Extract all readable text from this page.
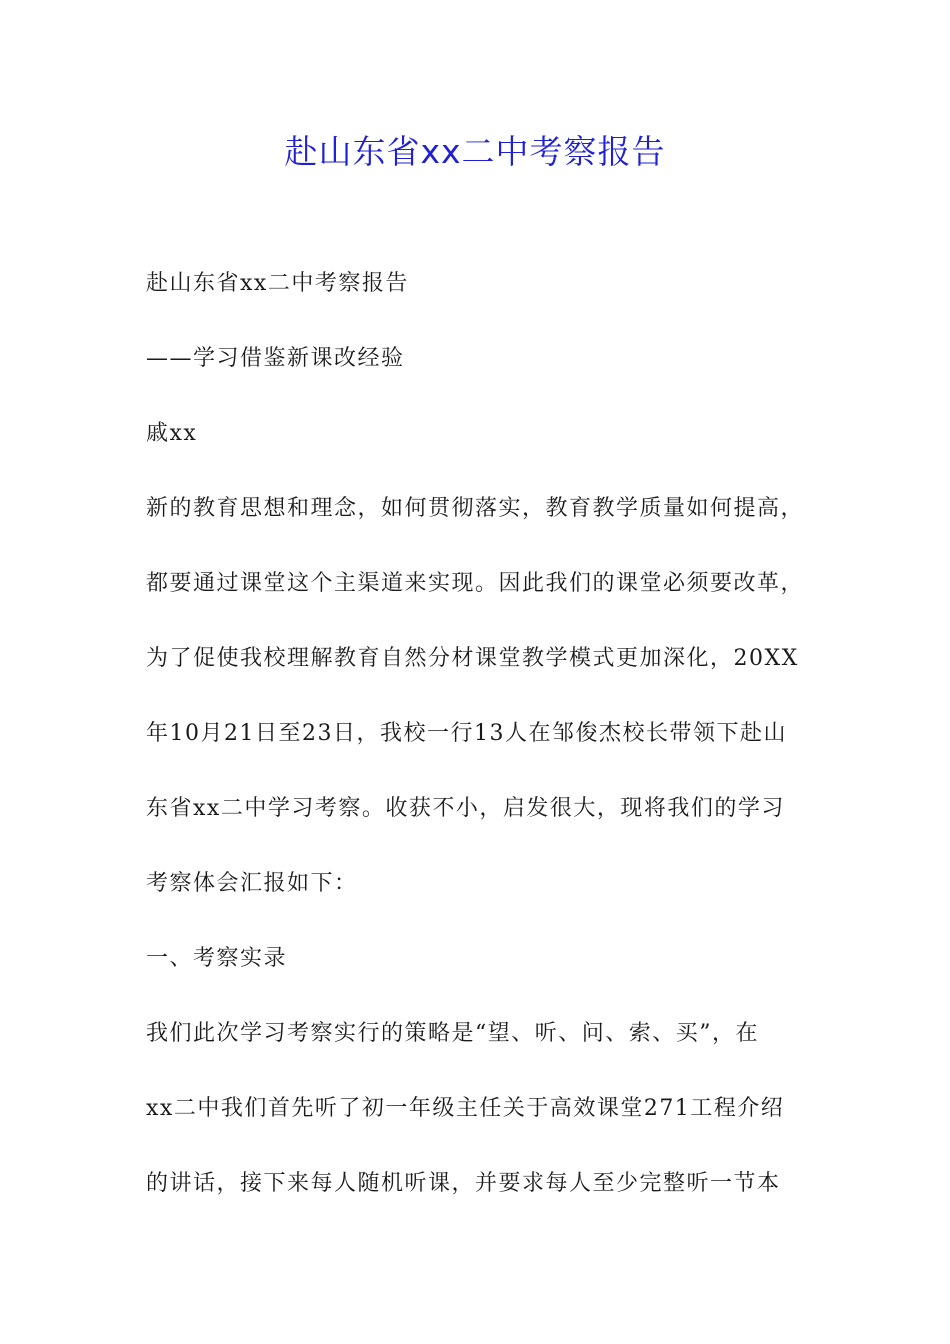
赴山东省xx二中考察报告
赴山东省xx二中考察报告
——学习借鉴新课改经验
戚xx
新的教育思想和理念，如何贯彻落实，教育教学质量如何提高，
都要通过课堂这个主渠道来实现。因此我们的课堂必须要改革，
为了促使我校理解教育自然分材课堂教学模式更加深化，20XX
年10月21日至23日，我校一行13人在邹俊杰校长带领下赴山
东省xx二中学习考察。收获不小，启发很大，现将我们的学习
考察体会汇报如下：
一、考察实录
我们此次学习考察实行的策略是“望、听、问、索、买”，在
xx二中我们首先听了初一年级主任关于高效课堂271工程介绍
的讲话，接下来每人随机听课，并要求每人至少完整听一节本
